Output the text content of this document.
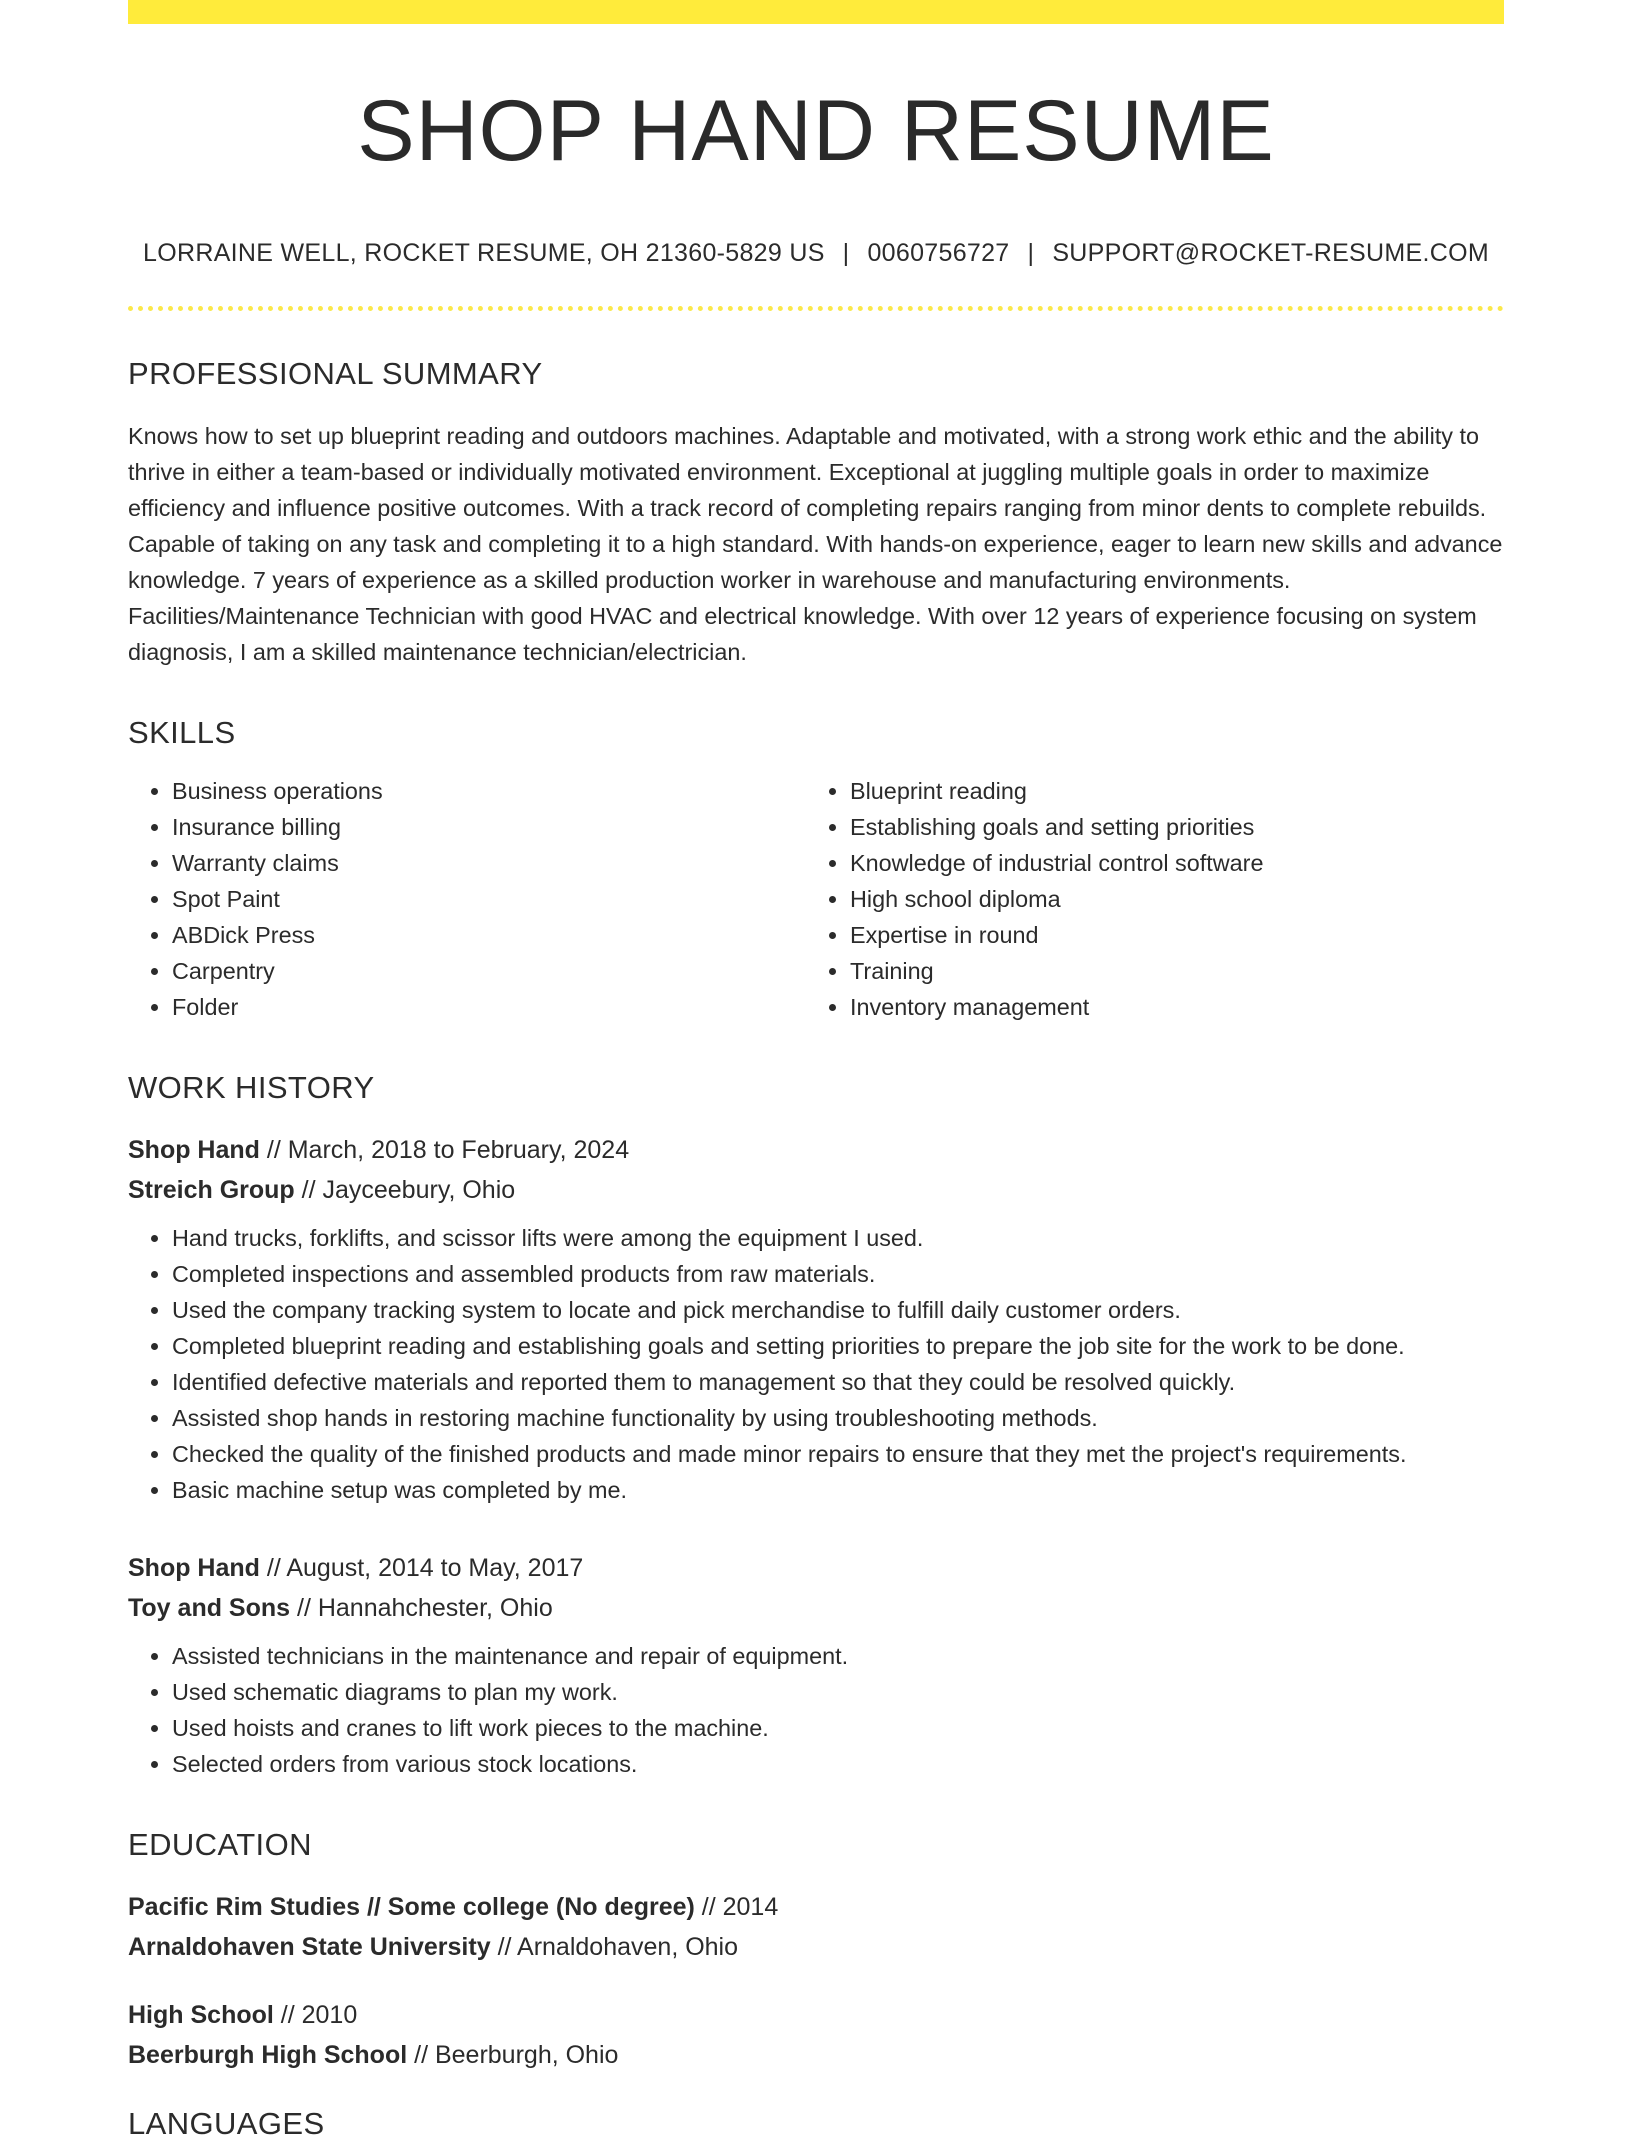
SHOP HAND RESUME
LORRAINE WELL, ROCKET RESUME, OH 21360-5829 US | 0060756727 | SUPPORT@ROCKET-RESUME.COM
PROFESSIONAL SUMMARY
Knows how to set up blueprint reading and outdoors machines. Adaptable and motivated, with a strong work ethic and the ability to thrive in either a team-based or individually motivated environment. Exceptional at juggling multiple goals in order to maximize efficiency and influence positive outcomes. With a track record of completing repairs ranging from minor dents to complete rebuilds. Capable of taking on any task and completing it to a high standard. With hands-on experience, eager to learn new skills and advance knowledge. 7 years of experience as a skilled production worker in warehouse and manufacturing environments. Facilities/Maintenance Technician with good HVAC and electrical knowledge. With over 12 years of experience focusing on system diagnosis, I am a skilled maintenance technician/electrician.
SKILLS
• Business operations
• Insurance billing
• Warranty claims
• Spot Paint
• ABDick Press
• Carpentry
• Folder
• Blueprint reading
• Establishing goals and setting priorities
• Knowledge of industrial control software
• High school diploma
• Expertise in round
• Training
• Inventory management
WORK HISTORY
Shop Hand // March, 2018 to February, 2024
Streich Group // Jayceebury, Ohio
• Hand trucks, forklifts, and scissor lifts were among the equipment I used.
• Completed inspections and assembled products from raw materials.
• Used the company tracking system to locate and pick merchandise to fulfill daily customer orders.
• Completed blueprint reading and establishing goals and setting priorities to prepare the job site for the work to be done.
• Identified defective materials and reported them to management so that they could be resolved quickly.
• Assisted shop hands in restoring machine functionality by using troubleshooting methods.
• Checked the quality of the finished products and made minor repairs to ensure that they met the project's requirements.
• Basic machine setup was completed by me.
Shop Hand // August, 2014 to May, 2017
Toy and Sons // Hannahchester, Ohio
• Assisted technicians in the maintenance and repair of equipment.
• Used schematic diagrams to plan my work.
• Used hoists and cranes to lift work pieces to the machine.
• Selected orders from various stock locations.
EDUCATION
Pacific Rim Studies // Some college (No degree) // 2014
Arnaldohaven State University // Arnaldohaven, Ohio
High School // 2010
Beerburgh High School // Beerburgh, Ohio
LANGUAGES
